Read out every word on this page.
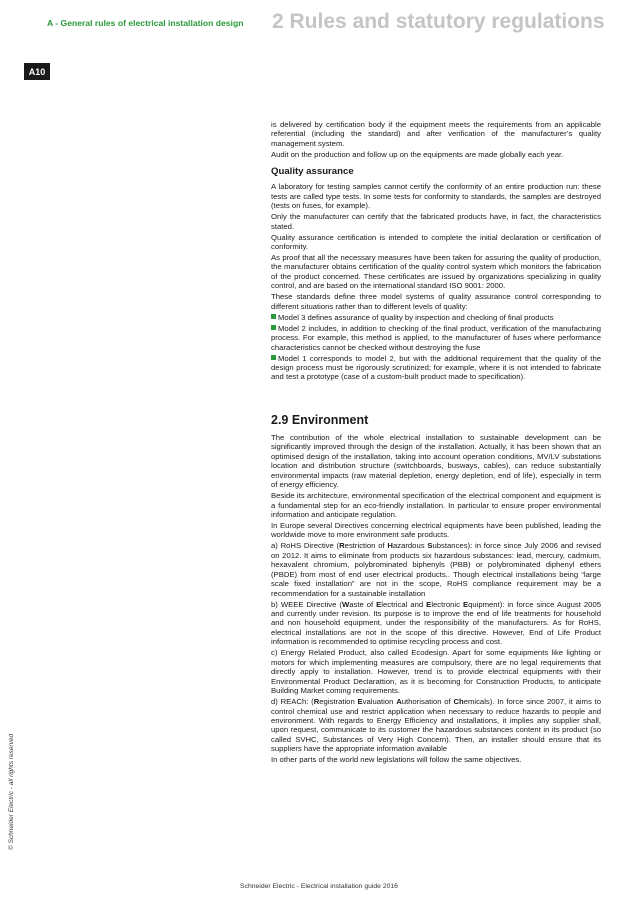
A - General rules of electrical installation design 2 Rules and statutory regulations
A10
© Schneider Electric - all rights reserved

is delivered by certification body if the equipment meets the requirements from an applicable referential (including the standard) and after verification of the manufacturer’s quality management system.

Audit on the production and follow up on the equipments are made globally each year.

Quality assurance

A laboratory for testing samples cannot certify the conformity of an entire production run: these tests are called type tests. In some tests for conformity to standards, the samples are destroyed (tests on fuses, for example).

Only the manufacturer can certify that the fabricated products have, in fact, the characteristics stated.

Quality assurance certification is intended to complete the initial declaration or certification of conformity.

As proof that all the necessary measures have been taken for assuring the quality of production, the manufacturer obtains certification of the quality control system which monitors the fabrication of the product concerned. These certificates are issued by organizations specializing in quality control, and are based on the international standard ISO 9001: 2000.

These standards define three model systems of quality assurance control corresponding to different situations rather than to different levels of quality:

Model 3 defines assurance of quality by inspection and checking of final products

Model 2 includes, in addition to checking of the final product, verification of the manufacturing process. For example, this method is applied, to the manufacturer of fuses where performance characteristics cannot be checked without destroying the fuse

Model 1 corresponds to model 2, but with the additional requirement that the quality of the design process must be rigorously scrutinized; for example, where it is not intended to fabricate and test a prototype (case of a custom-built product made to specification).

2.9 Environment

The contribution of the whole electrical installation to sustainable development can be significantly improved through the design of the installation. Actually, it has been shown that an optimised design of the installation, taking into account operation conditions, MV/LV substations location and distribution structure (switchboards, busways, cables), can reduce substantially environmental impacts (raw material depletion, energy depletion, end of life), especially in term of energy efficiency.

Beside its architecture, environmental specification of the electrical component and equipment is a fundamental step for an eco-friendly installation. In particular to ensure proper environmental information and anticipate regulation.

In Europe several Directives concerning electrical equipments have been published, leading the worldwide move to more environment safe products.

a) RoHS Directive (Restriction of Hazardous Substances): in force since July 2006 and revised on 2012. It aims to eliminate from products six hazardous substances: lead, mercury, cadmium, hexavalent chromium, polybrominated biphenyls (PBB) or polybrominated diphenyl ethers (PBDE) from most of end user electrical products.. Though electrical installations being “large scale fixed installation” are not in the scope, RoHS compliance requirement may be a recommendation for a sustainable installation

b) WEEE Directive (Waste of Electrical and Electronic Equipment): in force since August 2005 and currently under revision. Its purpose is to improve the end of life treatments for household and non household equipment, under the responsibility of the manufacturers. As for RoHS, electrical installations are not in the scope of this directive. However, End of Life Product information is recommended to optimise recycling process and cost.

c) Energy Related Product, also called Ecodesign. Apart for some equipments like lighting or motors for which implementing measures are compulsory, there are no legal requirements that directly apply to installation. However, trend is to provide electrical equipments with their Environmental Product Declarattion, as it is becoming for Construction Products, to anticipate Building Market coming requirements.

d) REACh: (Registration Evaluation Authorisation of Chemicals). In force since 2007, it aims to control chemical use and restrict application when necessary to reduce hazards to people and environment. With regards to Energy Efficiency and installations, it implies any supplier shall, upon request, communicate to its customer the hazardous substances content in its product (so called SVHC, Substances of Very High Concern). Then, an installer should ensure that its suppliers have the appropriate information available

In other parts of the world new legislations will follow the same objectives.

Schneider Electric - Electrical installation guide 2016
